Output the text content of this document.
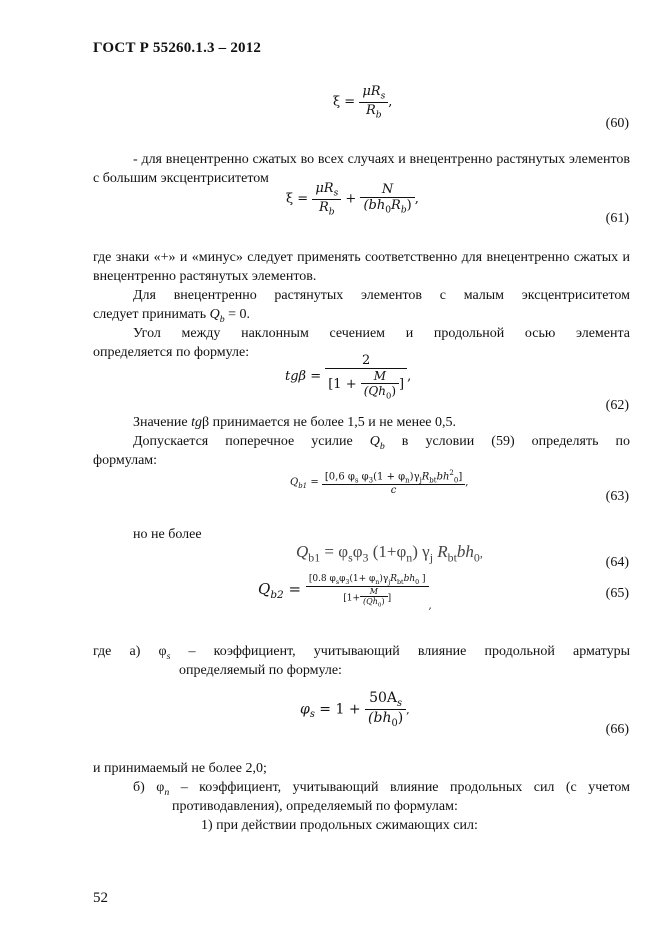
ГОСТ Р 55260.1.3 – 2012
$\xi = \frac{\mu R_s}{R_b}$ ,
(60)
- для внецентренно сжатых во всех случаях и внецентренно растянутых элементов с большим эксцентриситетом
$\xi = \frac{\mu R_s}{R_b} + \frac{N}{(bh_0R_b)}$ ,
(61)
где знаки «+» и «минус» следует применять соответственно для внецентренно сжатых и внецентренно растянутых элементов.
Для внецентренно растянутых элементов с малым эксцентриситетом
следует принимать $Q_b = 0$.
Угол между наклонным сечением и продольной осью элемента
определяется по формуле:
$tg\beta = \frac{2}{[1 + \frac{M}{(Qh_0)} ]}$ ,
(62)
Значение tgβ принимается не более 1,5 и не менее 0,5.
Допускается поперечное усилие $Q_b$ в условии (59) определять по
формулам:
$Q_{b1} = \frac{[0,6 \varphi_s \varphi_3(1 + \varphi_n)\gamma_jR_{bt}bh^2_0]}{c}$ ,
(63)
но не более
$Q_{b1} = \varphi_s\varphi_3$ $(1+\varphi_n)$ $\gamma_j$ $R_{bt}bh_0$,
(64)
$Q_{b2} = \frac{[0.8 \varphi_s\varphi_3(1+ \varphi_n)\gamma_jR_{bt}bh_0 ]}{[1+ \frac{M}{(Qh_0)} ]} _,$
(65)
где а) $\varphi_s$ – коэффициент, учитывающий влияние продольной арматуры
определяемый по формуле:
$\varphi_s = 1 + \frac{50A_s}{(bh_0)}$ ,
(66)
и принимаемый не более 2,0;
б) $\varphi_n$ – коэффициент, учитывающий влияние продольных сил (с учетом
противодавления), определяемый по формулам:
1) при действии продольных сжимающих сил:
52
